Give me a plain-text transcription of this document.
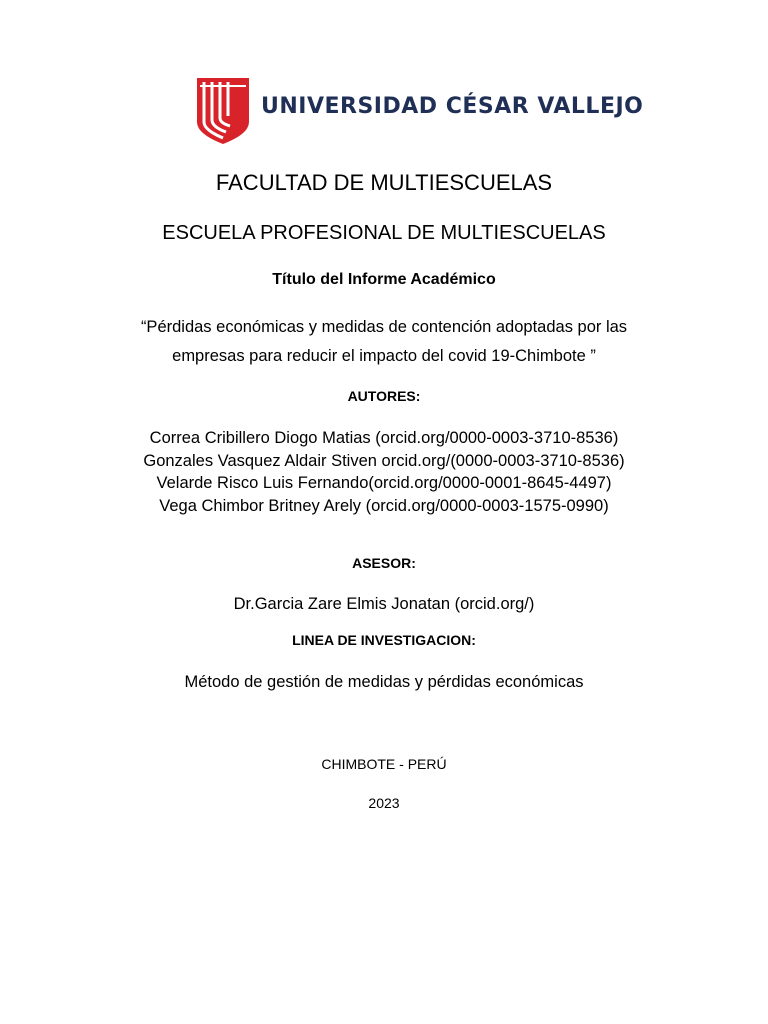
UNIVERSIDAD CÉSAR VALLEJO
FACULTAD DE MULTIESCUELAS
ESCUELA PROFESIONAL DE MULTIESCUELAS
Título del Informe Académico
“Pérdidas económicas y medidas de contención adoptadas por las
empresas para reducir el impacto del covid 19-Chimbote ”
AUTORES:
Correa Cribillero Diogo Matias (orcid.org/0000-0003-3710-8536)
Gonzales Vasquez Aldair Stiven orcid.org/(0000-0003-3710-8536)
Velarde Risco Luis Fernando(orcid.org/0000-0001-8645-4497)
Vega Chimbor Britney Arely (orcid.org/0000-0003-1575-0990)
ASESOR:
Dr.Garcia Zare Elmis Jonatan (orcid.org/)
LINEA DE INVESTIGACION:
Método de gestión de medidas y pérdidas económicas
CHIMBOTE - PERÚ
2023
